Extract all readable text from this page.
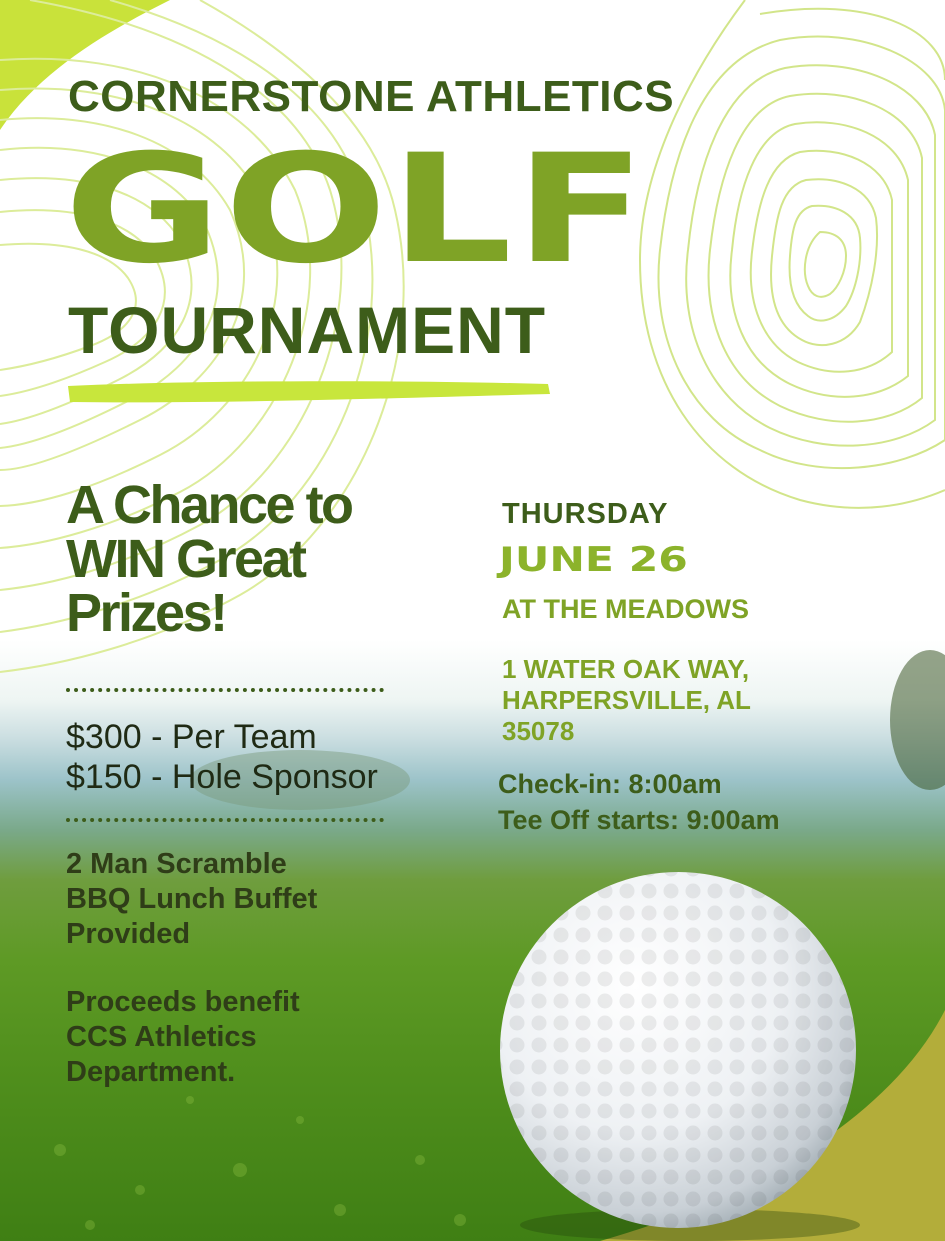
CORNERSTONE ATHLETICS
GOLF
TOURNAMENT
A Chance to
WIN Great
Prizes!
$300 - Per Team
$150 - Hole Sponsor
2 Man Scramble
BBQ Lunch Buffet
Provided
Proceeds benefit
CCS Athletics
Department.
THURSDAY
JUNE 26
AT THE MEADOWS
1 WATER OAK WAY,
HARPERSVILLE, AL
35078
Check-in: 8:00am
Tee Off starts: 9:00am
